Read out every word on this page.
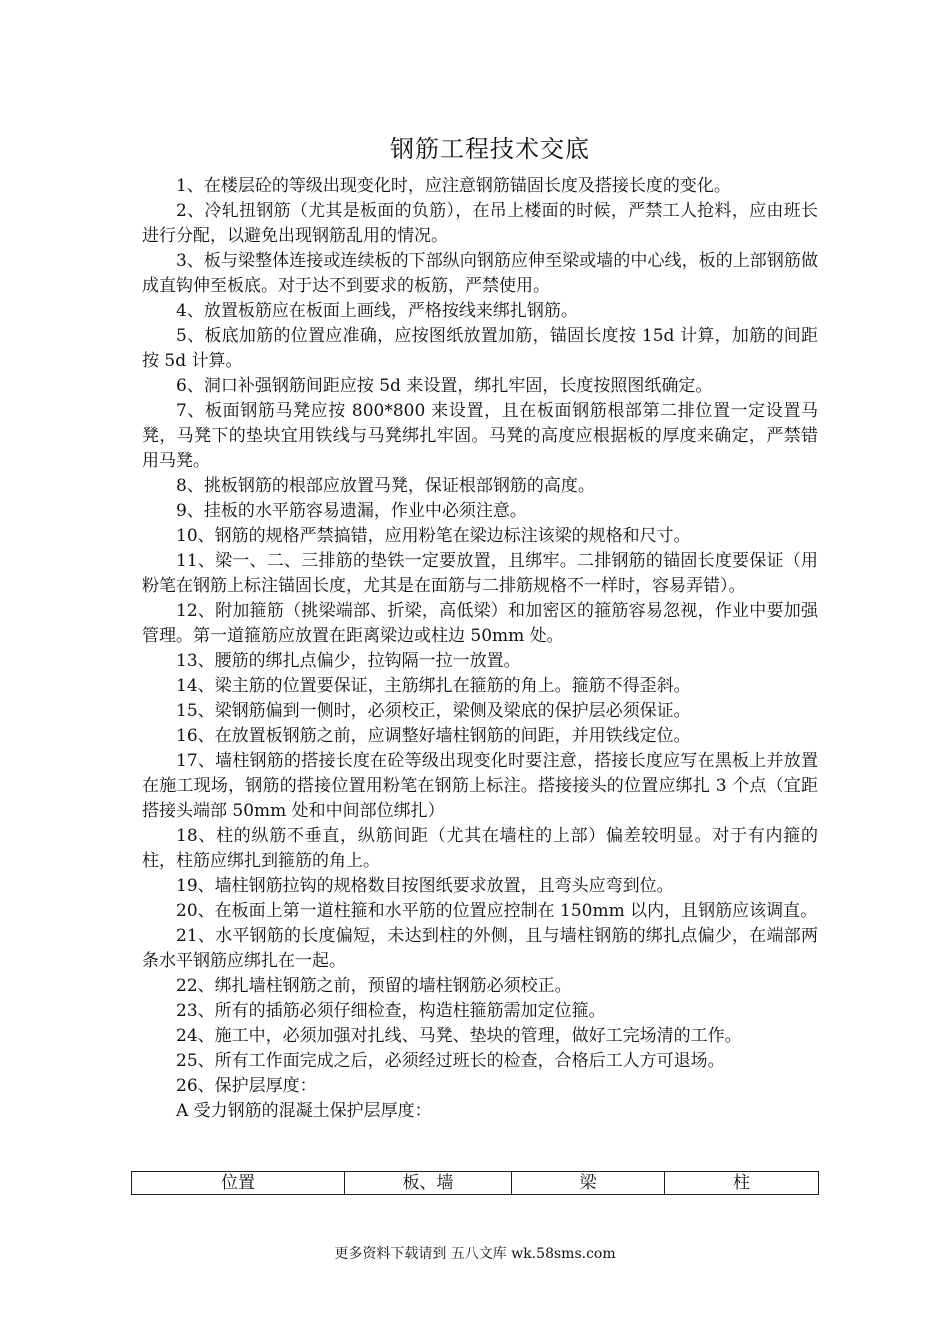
钢筋工程技术交底

1、在楼层砼的等级出现变化时，应注意钢筋锚固长度及搭接长度的变化。

2、冷轧扭钢筋（尤其是板面的负筋），在吊上楼面的时候，严禁工人抢料，应由班长进行分配，以避免出现钢筋乱用的情况。

3、板与梁整体连接或连续板的下部纵向钢筋应伸至梁或墙的中心线，板的上部钢筋做成直钩伸至板底。对于达不到要求的板筋，严禁使用。

4、放置板筋应在板面上画线，严格按线来绑扎钢筋。

5、板底加筋的位置应准确，应按图纸放置加筋，锚固长度按 15d 计算，加筋的间距按 5d 计算。

6、洞口补强钢筋间距应按 5d 来设置，绑扎牢固，长度按照图纸确定。

7、板面钢筋马凳应按 800*800 来设置，且在板面钢筋根部第二排位置一定设置马凳，马凳下的垫块宜用铁线与马凳绑扎牢固。马凳的高度应根据板的厚度来确定，严禁错用马凳。

8、挑板钢筋的根部应放置马凳，保证根部钢筋的高度。

9、挂板的水平筋容易遗漏，作业中必须注意。

10、钢筋的规格严禁搞错，应用粉笔在梁边标注该梁的规格和尺寸。

11、梁一、二、三排筋的垫铁一定要放置，且绑牢。二排钢筋的锚固长度要保证（用粉笔在钢筋上标注锚固长度，尤其是在面筋与二排筋规格不一样时，容易弄错）。

12、附加箍筋（挑梁端部、折梁，高低梁）和加密区的箍筋容易忽视，作业中要加强管理。第一道箍筋应放置在距离梁边或柱边 50mm 处。

13、腰筋的绑扎点偏少，拉钩隔一拉一放置。

14、梁主筋的位置要保证，主筋绑扎在箍筋的角上。箍筋不得歪斜。

15、梁钢筋偏到一侧时，必须校正，梁侧及梁底的保护层必须保证。

16、在放置板钢筋之前，应调整好墙柱钢筋的间距，并用铁线定位。

17、墙柱钢筋的搭接长度在砼等级出现变化时要注意，搭接长度应写在黑板上并放置在施工现场，钢筋的搭接位置用粉笔在钢筋上标注。搭接接头的位置应绑扎 3 个点（宜距搭接头端部 50mm 处和中间部位绑扎）

18、柱的纵筋不垂直，纵筋间距（尤其在墙柱的上部）偏差较明显。对于有内箍的柱，柱筋应绑扎到箍筋的角上。

19、墙柱钢筋拉钩的规格数目按图纸要求放置，且弯头应弯到位。

20、在板面上第一道柱箍和水平筋的位置应控制在 150mm 以内，且钢筋应该调直。

21、水平钢筋的长度偏短，未达到柱的外侧，且与墙柱钢筋的绑扎点偏少，在端部两条水平钢筋应绑扎在一起。

22、绑扎墙柱钢筋之前，预留的墙柱钢筋必须校正。

23、所有的插筋必须仔细检查，构造柱箍筋需加定位箍。

24、施工中，必须加强对扎线、马凳、垫块的管理，做好工完场清的工作。

25、所有工作面完成之后，必须经过班长的检查，合格后工人方可退场。

26、保护层厚度：

A 受力钢筋的混凝土保护层厚度：

位置	板、墙	梁	柱
更多资料下载请到 五八文库 wk.58sms.com
